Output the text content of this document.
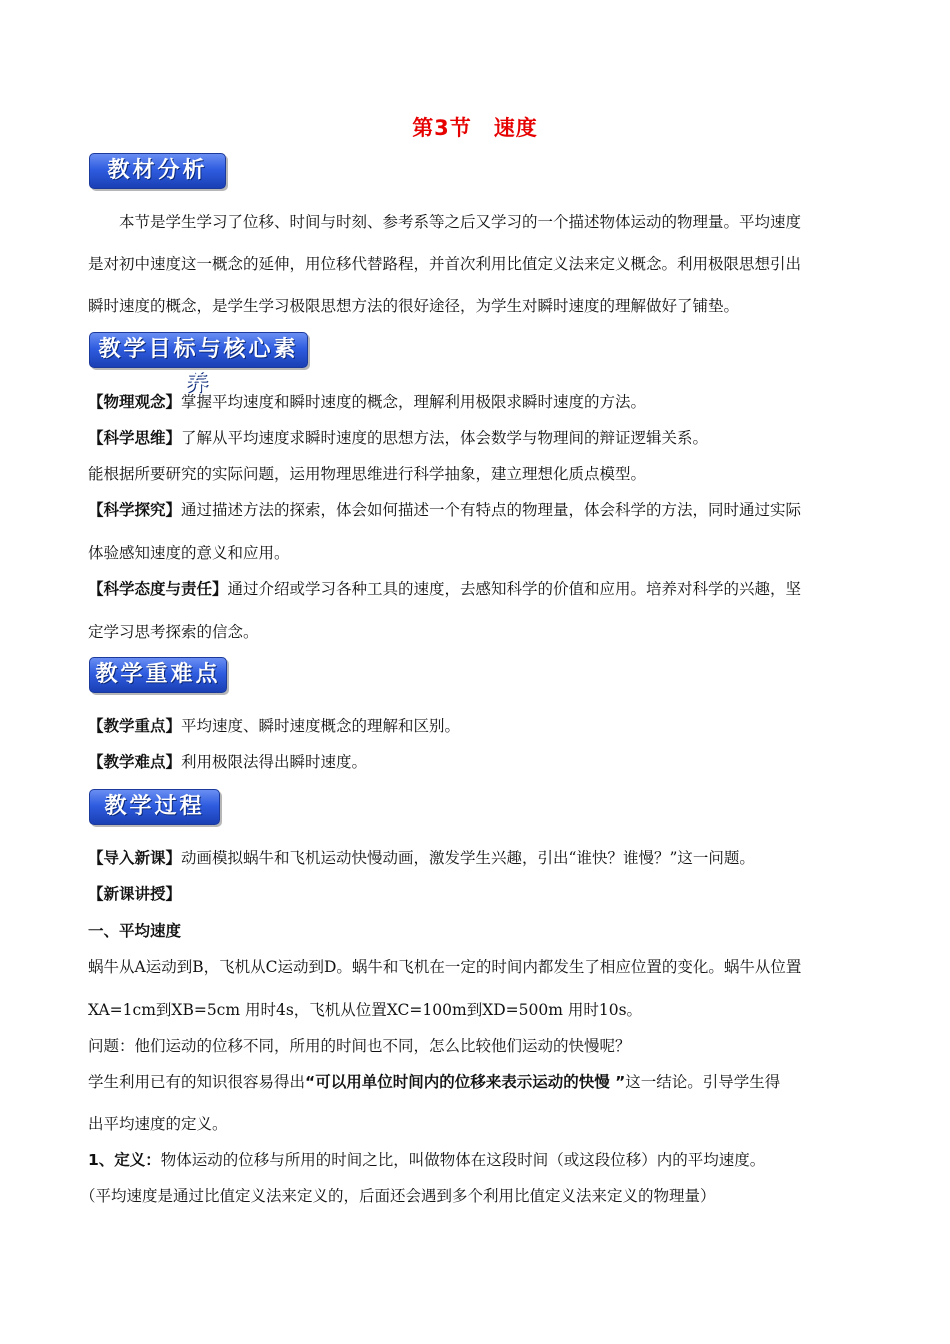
第3节　速度
教材分析
本节是学生学习了位移、时间与时刻、参考系等之后又学习的一个描述物体运动的物理量。平均速度
是对初中速度这一概念的延伸，用位移代替路程，并首次利用比值定义法来定义概念。利用极限思想引出
瞬时速度的概念，是学生学习极限思想方法的很好途径，为学生对瞬时速度的理解做好了铺垫。
教学目标与核心素养
【物理观念】掌握平均速度和瞬时速度的概念，理解利用极限求瞬时速度的方法。
【科学思维】了解从平均速度求瞬时速度的思想方法，体会数学与物理间的辩证逻辑关系。
能根据所要研究的实际问题，运用物理思维进行科学抽象，建立理想化质点模型。
【科学探究】通过描述方法的探索，体会如何描述一个有特点的物理量，体会科学的方法，同时通过实际
体验感知速度的意义和应用。
【科学态度与责任】通过介绍或学习各种工具的速度，去感知科学的价值和应用。培养对科学的兴趣，坚
定学习思考探索的信念。
教学重难点
【教学重点】平均速度、瞬时速度概念的理解和区别。
【教学难点】利用极限法得出瞬时速度。
教学过程
【导入新课】动画模拟蜗牛和飞机运动快慢动画，激发学生兴趣，引出“谁快？谁慢？”这一问题。
【新课讲授】
一、平均速度
蜗牛从A运动到B，飞机从C运动到D。蜗牛和飞机在一定的时间内都发生了相应位置的变化。蜗牛从位置
XA=1cm到XB=5cm 用时4s，飞机从位置XC=100m到XD=500m 用时10s。
问题：他们运动的位移不同，所用的时间也不同，怎么比较他们运动的快慢呢？
学生利用已有的知识很容易得出“可以用单位时间内的位移来表示运动的快慢 ”这一结论。引导学生得
出平均速度的定义。
1、定义：物体运动的位移与所用的时间之比，叫做物体在这段时间（或这段位移）内的平均速度。
（平均速度是通过比值定义法来定义的，后面还会遇到多个利用比值定义法来定义的物理量）
